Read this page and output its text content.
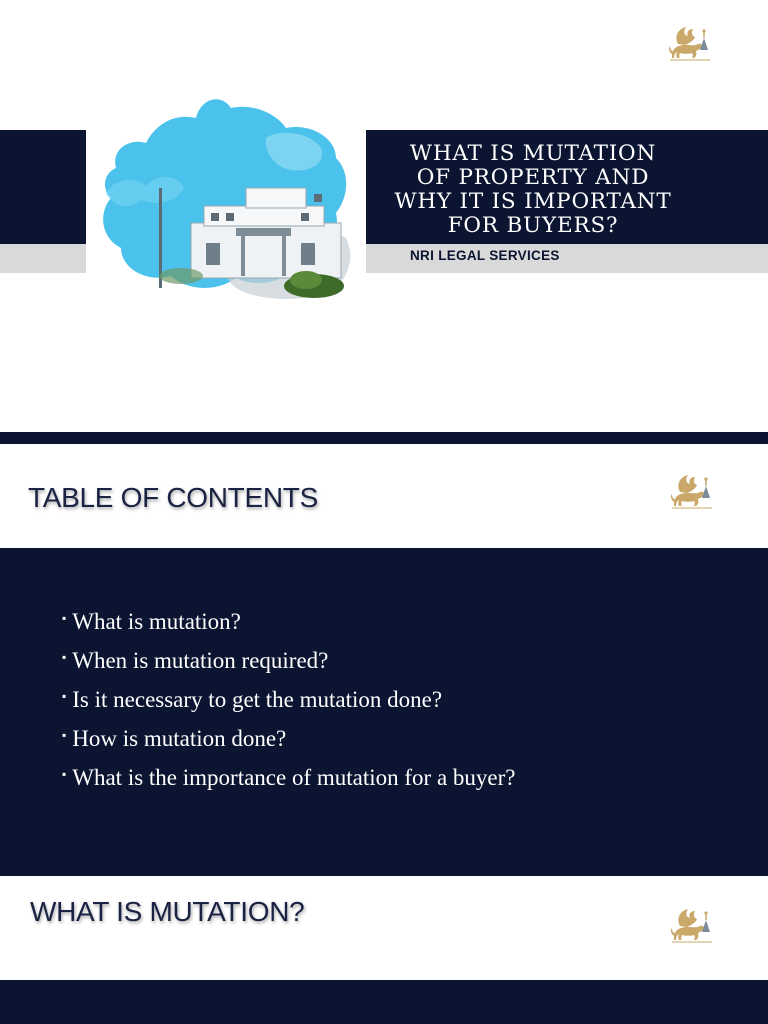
WHAT IS MUTATION
OF PROPERTY AND
WHY IT IS IMPORTANT
FOR BUYERS?
NRI LEGAL SERVICES
TABLE OF CONTENTS
▪ What is mutation?
▪ When is mutation required?
▪ Is it necessary to get the mutation done?
▪ How is mutation done?
▪ What is the importance of mutation for a buyer?
WHAT IS MUTATION?
